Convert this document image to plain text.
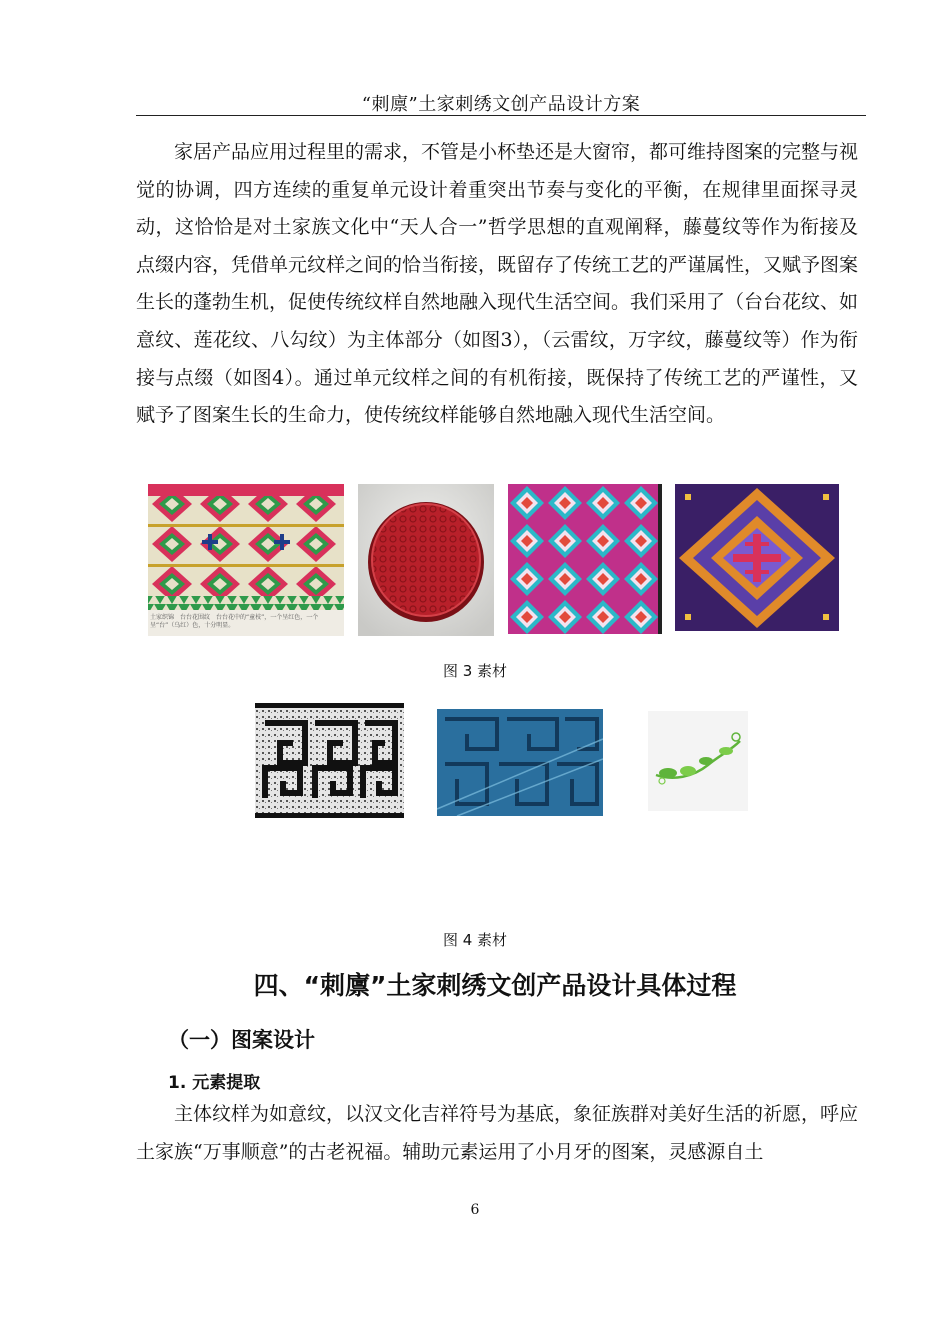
“刺廪”土家刺绣文创产品设计方案

家居产品应用过程里的需求，不管是小杯垫还是大窗帘，都可维持图案的完整与视觉的协调，四方连续的重复单元设计着重突出节奏与变化的平衡，在规律里面探寻灵动，这恰恰是对土家族文化中“天人合一”哲学思想的直观阐释，藤蔓纹等作为衔接及点缀内容，凭借单元纹样之间的恰当衔接，既留存了传统工艺的严谨属性，又赋予图案生长的蓬勃生机，促使传统纹样自然地融入现代生活空间。我们采用了（台台花纹、如意纹、莲花纹、八勾纹）为主体部分（如图3），（云雷纹，万字纹，藤蔓纹等）作为衔接与点缀（如图4）。通过单元纹样之间的有机衔接，既保持了传统工艺的严谨性，又赋予了图案生长的生命力，使传统纹样能够自然地融入现代生活空间。

土家织锦　台台花围纹　台台花中的“童枝”，一个呈红色，一个呈“台”（乌红）色，十分明显。
图 3 素材
图 4 素材
四、“刺廪”土家刺绣文创产品设计具体过程
（一）图案设计
1. 元素提取

主体纹样为如意纹，以汉文化吉祥符号为基底，象征族群对美好生活的祈愿，呼应土家族“万事顺意”的古老祝福。辅助元素运用了小月牙的图案，灵感源自土

6
